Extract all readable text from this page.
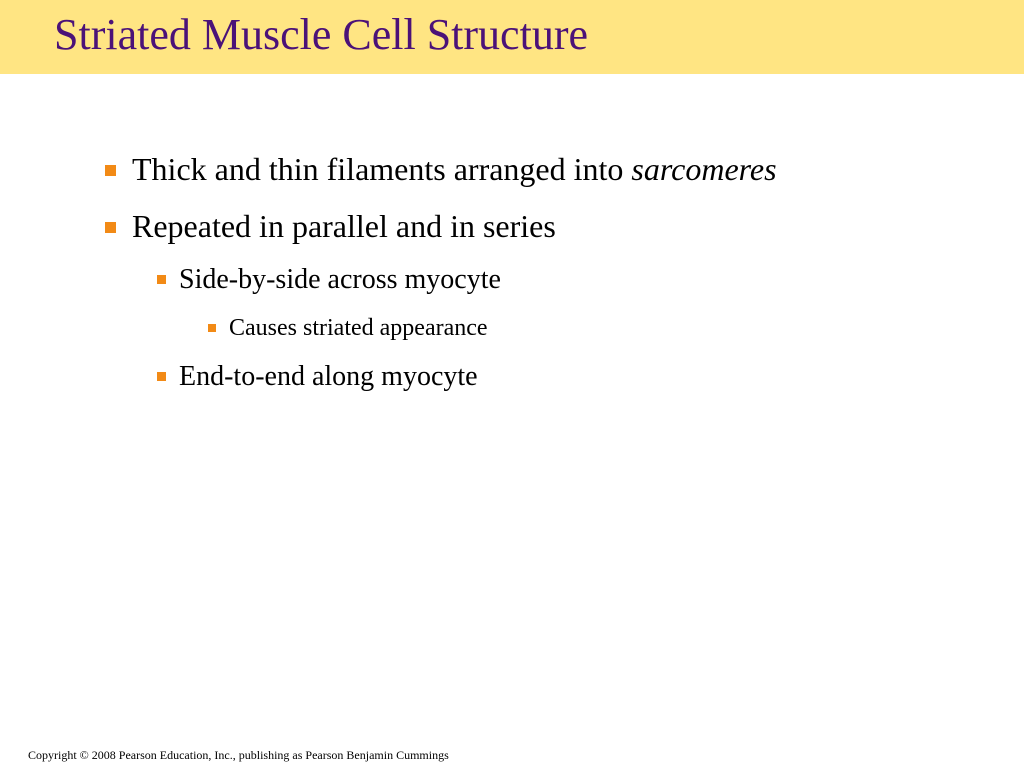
Striated Muscle Cell Structure
Thick and thin filaments arranged into sarcomeres
Repeated in parallel and in series
Side-by-side across myocyte
Causes striated appearance
End-to-end along myocyte
Copyright © 2008 Pearson Education, Inc., publishing as Pearson Benjamin Cummings
